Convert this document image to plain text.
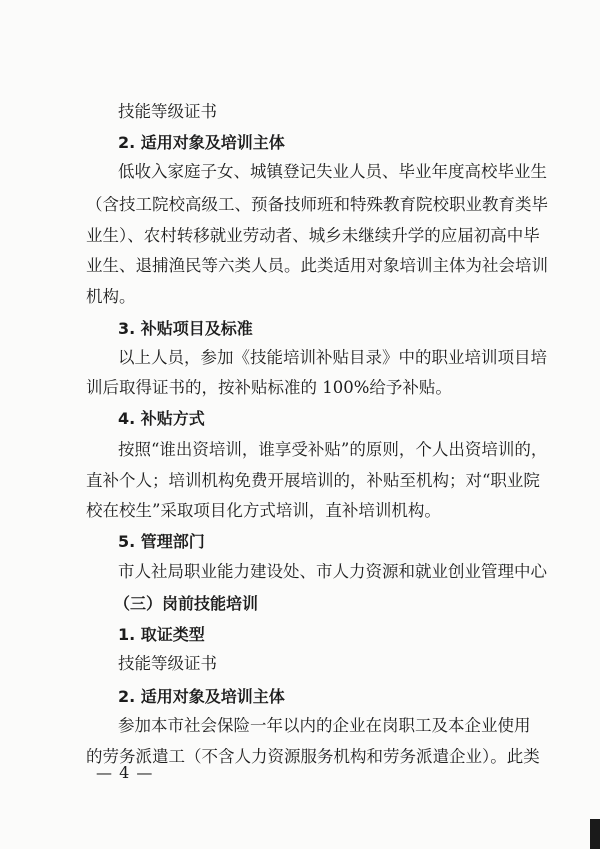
技能等级证书
2. 适用对象及培训主体
低收入家庭子女、城镇登记失业人员、毕业年度高校毕业生
（含技工院校高级工、预备技师班和特殊教育院校职业教育类毕
业生）、农村转移就业劳动者、城乡未继续升学的应届初高中毕
业生、退捕渔民等六类人员。此类适用对象培训主体为社会培训
机构。
3. 补贴项目及标准
以上人员，参加《技能培训补贴目录》中的职业培训项目培
训后取得证书的，按补贴标准的 100%给予补贴。
4. 补贴方式
按照“谁出资培训，谁享受补贴”的原则，个人出资培训的，
直补个人；培训机构免费开展培训的，补贴至机构；对“职业院
校在校生”采取项目化方式培训，直补培训机构。
5. 管理部门
市人社局职业能力建设处、市人力资源和就业创业管理中心
（三）岗前技能培训
1. 取证类型
技能等级证书
2. 适用对象及培训主体
参加本市社会保险一年以内的企业在岗职工及本企业使用
的劳务派遣工（不含人力资源服务机构和劳务派遣企业）。此类
— 4 —
